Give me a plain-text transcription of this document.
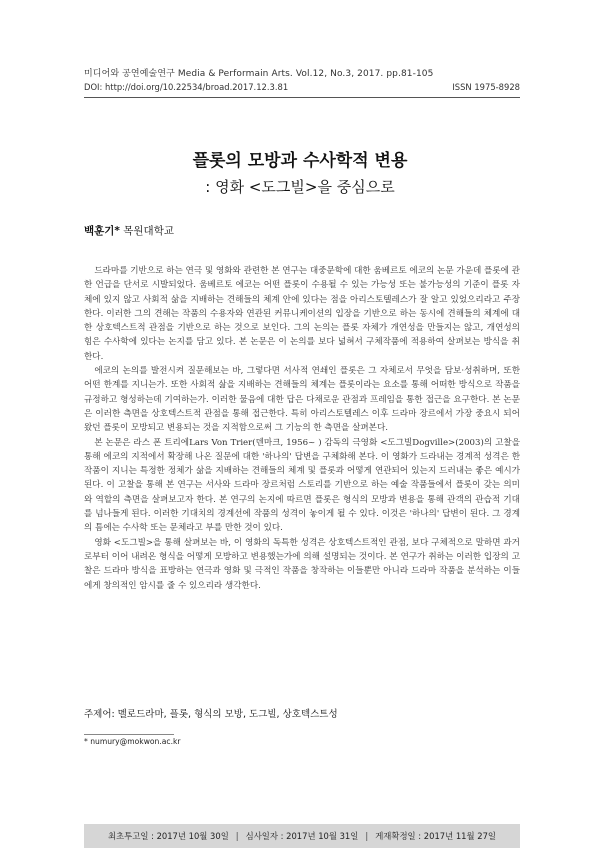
미디어와 공연예술연구 Media & Performain Arts. Vol.12, No.3, 2017. pp.81-105
DOI: http://doi.org/10.22534/broad.2017.12.3.81	ISSN 1975-8928
플롯의 모방과 수사학적 변용
: 영화 <도그빌>을 중심으로
백훈기* 목원대학교

드라마를 기반으로 하는 연극 및 영화와 관련한 본 연구는 대중문학에 대한 움베르토 에코의 논문 가운데 플롯에 관한 언급을 단서로 시발되었다. 움베르토 에코는 어떤 플롯이 수용될 수 있는 가능성 또는 불가능성의 기준이 플롯 자체에 있지 않고 사회적 삶을 지배하는 견해들의 체계 안에 있다는 점을 아리스토텔레스가 잘 알고 있었으리라고 주장한다. 이러한 그의 견해는 작품의 수용자와 연관된 커뮤니케이션의 입장을 기반으로 하는 동시에 견해들의 체계에 대한 상호텍스트적 관점을 기반으로 하는 것으로 보인다. 그의 논의는 플롯 자체가 개연성을 만들지는 않고, 개연성의 힘은 수사학에 있다는 논지를 담고 있다. 본 논문은 이 논의를 보다 넓혀서 구체작품에 적용하여 살펴보는 방식을 취한다.

에코의 논의를 발전시켜 질문해보는 바, 그렇다면 서사적 연쇄인 플롯은 그 자체로서 무엇을 담보·성취하며, 또한 어떤 한계를 지니는가. 또한 사회적 삶을 지배하는 견해들의 체계는 플롯이라는 요소를 통해 어떠한 방식으로 작품을 규정하고 형성하는데 기여하는가. 이러한 물음에 대한 답은 다채로운 관점과 프레임을 통한 접근을 요구한다. 본 논문은 이러한 측면을 상호텍스트적 관점을 통해 접근한다. 특히 아리스토텔레스 이후 드라마 장르에서 가장 중요시 되어왔던 플롯이 모방되고 변용되는 것을 지적함으로써 그 기능의 한 측면을 살펴본다.

본 논문은 라스 폰 트리에Lars Von Trier(덴마크, 1956~ ) 감독의 극영화 <도그빌Dogville>(2003)의 고찰을 통해 에코의 지적에서 확장해 나온 질문에 대한 '하나의' 답변을 구체화해 본다. 이 영화가 드라내는 경계적 성격은 한 작품이 지니는 특정한 정체가 삶을 지배하는 견해들의 체계 및 플롯과 어떻게 연관되어 있는지 드러내는 좋은 예시가 된다. 이 고찰을 통해 본 연구는 서사와 드라마 장르처럼 스토리를 기반으로 하는 예술 작품들에서 플롯이 갖는 의미와 역할의 측면을 살펴보고자 한다. 본 연구의 논지에 따르면 플롯은 형식의 모방과 변용을 통해 관객의 관습적 기대를 넘나들게 된다. 이러한 기대치의 경계선에 작품의 성격이 놓이게 될 수 있다. 이것은 '하나의' 답변이 된다. 그 경계의 틈에는 수사학 또는 문체라고 부를 만한 것이 있다.

영화 <도그빌>을 통해 살펴보는 바, 이 영화의 독특한 성격은 상호텍스트적인 관점, 보다 구체적으로 말하면 과거로부터 이어 내려온 형식을 어떻게 모방하고 변용했는가에 의해 설명되는 것이다. 본 연구가 취하는 이러한 입장의 고찰은 드라마 방식을 표방하는 연극과 영화 및 극적인 작품을 창작하는 이들뿐만 아니라 드라마 작품을 분석하는 이들에게 창의적인 암시를 줄 수 있으리라 생각한다.

주제어: 멜로드라마, 플롯, 형식의 모방, 도그빌, 상호텍스트성
* numury@mokwon.ac.kr
최초투고일 : 2017년 10월 30일 | 심사일자 : 2017년 10월 31일 | 게재확정일 : 2017년 11월 27일
